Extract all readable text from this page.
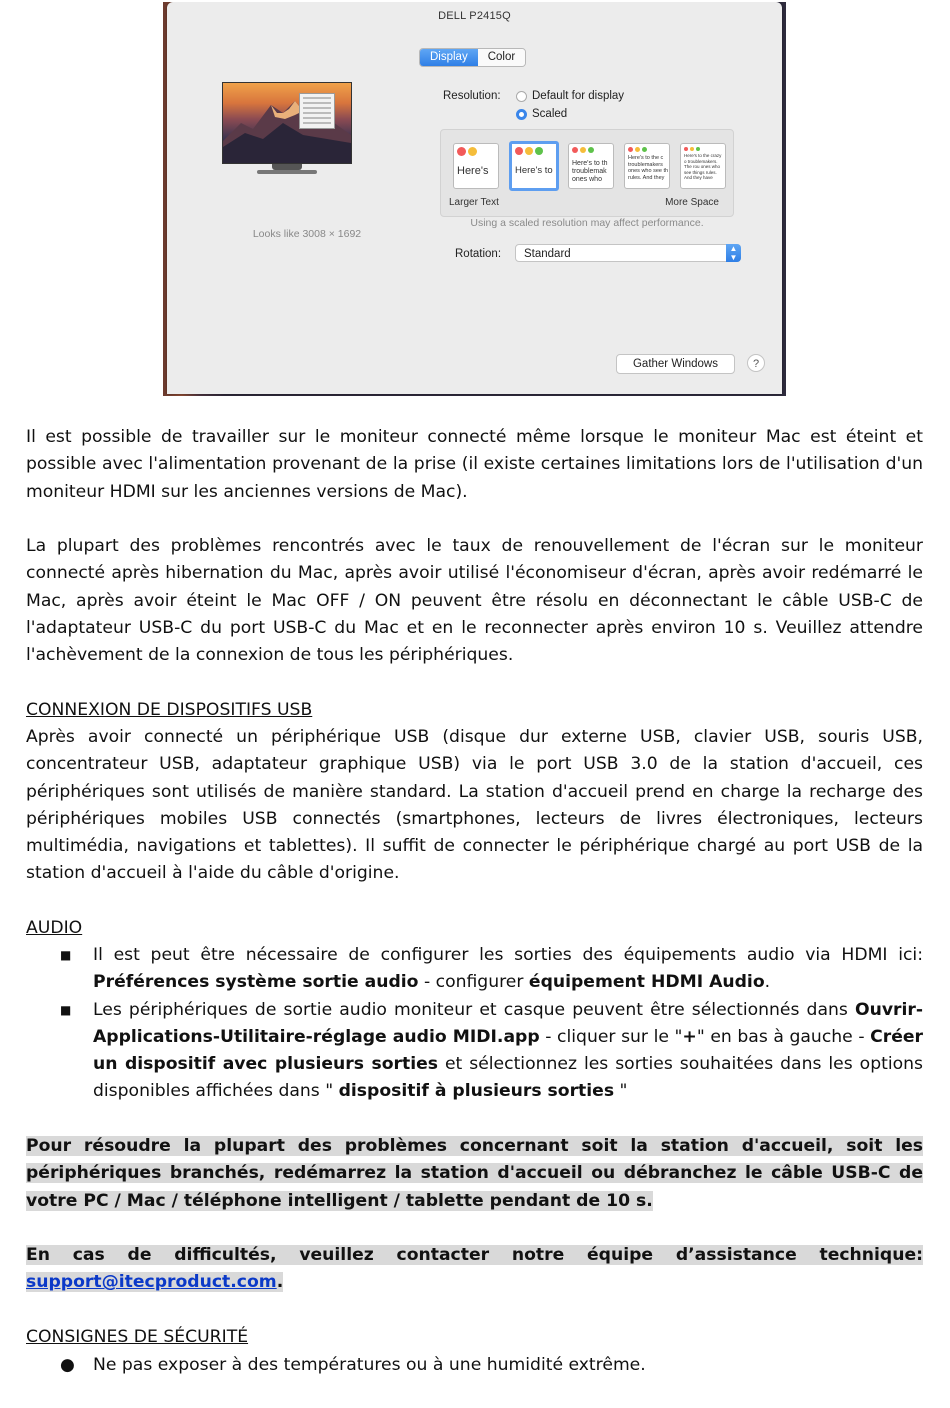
DELL P2415Q
Display	Color
Looks like 3008 × 1692
Resolution:	Default for display
Scaled
Here's	Here's to
Here's to th troublemak ones who
Here's to the c troublemakers ones who see th rules. And they
Here's to the crazy o troublemakers. The rou ones who see things rules. And they have
Larger Text	More Space
Using a scaled resolution may affect performance.
Rotation:	Standard	▲
▼
Gather Windows	?
Il est possible de travailler sur le moniteur connecté même lorsque le moniteur Mac est éteint et possible avec l'alimentation provenant de la prise (il existe certaines limitations lors de l'utilisation d'un moniteur HDMI sur les anciennes versions de Mac).
La plupart des problèmes rencontrés avec le taux de renouvellement de l'écran sur le moniteur connecté après hibernation du Mac, après avoir utilisé l'économiseur d'écran, après avoir redémarré le Mac, après avoir éteint le Mac OFF / ON peuvent être résolu en déconnectant le câble USB-C de l'adaptateur USB-C du port USB-C du Mac et en le reconnecter après environ 10 s. Veuillez attendre l'achèvement de la connexion de tous les périphériques.
CONNEXION DE DISPOSITIFS USB
Après avoir connecté un périphérique USB (disque dur externe USB, clavier USB, souris USB, concentrateur USB, adaptateur graphique USB) via le port USB 3.0 de la station d'accueil, ces périphériques sont utilisés de manière standard. La station d'accueil prend en charge la recharge des périphériques mobiles USB connectés (smartphones, lecteurs de livres électroniques, lecteurs multimédia, navigations et tablettes). Il suffit de connecter le périphérique chargé au port USB de la station d'accueil à l'aide du câble d'origine.
AUDIO
■ Il est peut être nécessaire de configurer les sorties des équipements audio via HDMI ici: Préférences système sortie audio - configurer équipement HDMI Audio.
■ Les périphériques de sortie audio moniteur et casque peuvent être sélectionnés dans Ouvrir-Applications-Utilitaire-réglage audio MIDI.app - cliquer sur le "+" en bas à gauche - Créer un dispositif avec plusieurs sorties et sélectionnez les sorties souhaitées dans les options disponibles affichées dans " dispositif à plusieurs sorties "
Pour résoudre la plupart des problèmes concernant soit la station d'accueil, soit les périphériques branchés, redémarrez la station d'accueil ou débranchez le câble USB-C de votre PC / Mac / téléphone intelligent / tablette pendant de 10 s.
En cas de difficultés, veuillez contacter notre équipe d’assistance technique: support@itecproduct.com.
CONSIGNES DE SÉCURITÉ
● Ne pas exposer à des températures ou à une humidité extrême.
